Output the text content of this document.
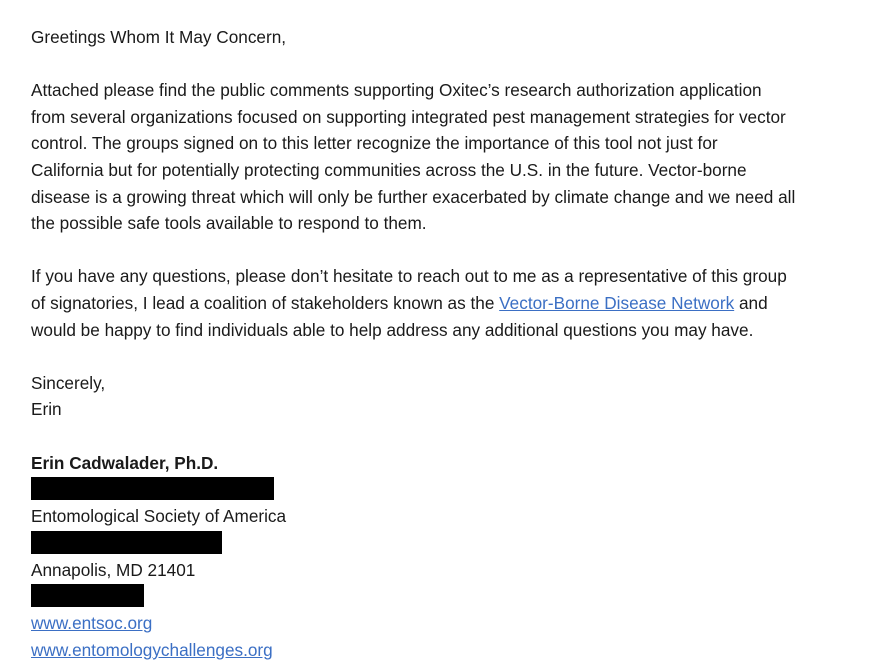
Greetings Whom It May Concern,

Attached please find the public comments supporting Oxitec’s research authorization application
from several organizations focused on supporting integrated pest management strategies for vector
control. The groups signed on to this letter recognize the importance of this tool not just for
California but for potentially protecting communities across the U.S. in the future. Vector-borne
disease is a growing threat which will only be further exacerbated by climate change and we need all
the possible safe tools available to respond to them.

If you have any questions, please don’t hesitate to reach out to me as a representative of this group
of signatories, I lead a coalition of stakeholders known as the Vector-Borne Disease Network and
would be happy to find individuals able to help address any additional questions you may have.

Sincerely,
Erin

Erin Cadwalader, Ph.D.
Entomological Society of America
Annapolis, MD 21401
www.entsoc.org
www.entomologychallenges.org
